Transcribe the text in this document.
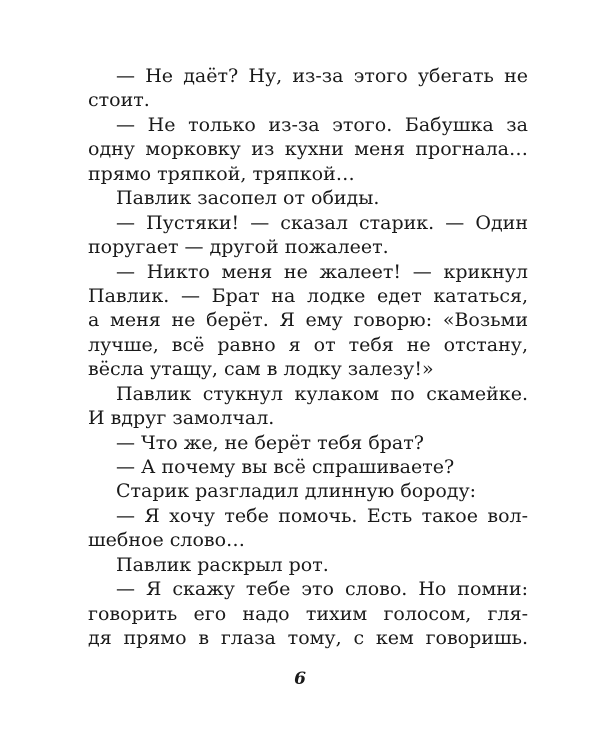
— Не даёт? Ну, из-за этого убегать не
стоит.
— Не только из-за этого. Бабушка за
одну морковку из кухни меня прогнала…
прямо тряпкой, тряпкой…
Павлик засопел от обиды.
— Пустяки! — сказал старик. — Один
поругает — другой пожалеет.
— Никто меня не жалеет! — крикнул
Павлик. — Брат на лодке едет кататься,
а меня не берёт. Я ему говорю: «Возьми
лучше, всё равно я от тебя не отстану,
вёсла утащу, сам в лодку залезу!»
Павлик стукнул кулаком по скамейке.
И вдруг замолчал.
— Что же, не берёт тебя брат?
— А почему вы всё спрашиваете?
Старик разгладил длинную бороду:
— Я хочу тебе помочь. Есть такое вол-
шебное слово…
Павлик раскрыл рот.
— Я скажу тебе это слово. Но помни:
говорить его надо тихим голосом, гля-
дя прямо в глаза тому, с кем говоришь.
6
